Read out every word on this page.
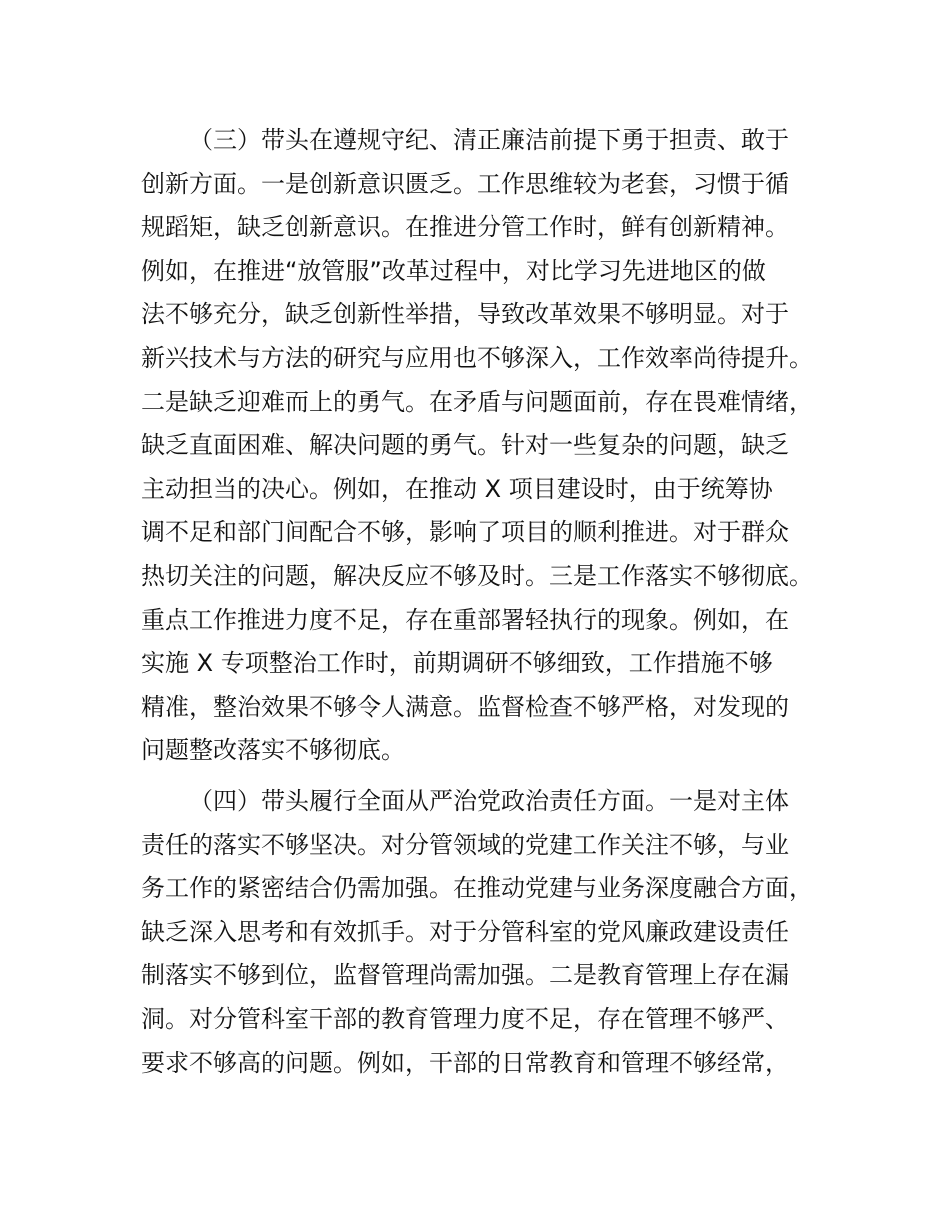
（三）带头在遵规守纪、清正廉洁前提下勇于担责、敢于
创新方面。一是创新意识匮乏。工作思维较为老套，习惯于循
规蹈矩，缺乏创新意识。在推进分管工作时，鲜有创新精神。
例如，在推进“放管服”改革过程中，对比学习先进地区的做
法不够充分，缺乏创新性举措，导致改革效果不够明显。对于
新兴技术与方法的研究与应用也不够深入，工作效率尚待提升。
二是缺乏迎难而上的勇气。在矛盾与问题面前，存在畏难情绪，
缺乏直面困难、解决问题的勇气。针对一些复杂的问题，缺乏
主动担当的决心。例如，在推动 X 项目建设时，由于统筹协
调不足和部门间配合不够，影响了项目的顺利推进。对于群众
热切关注的问题，解决反应不够及时。三是工作落实不够彻底。
重点工作推进力度不足，存在重部署轻执行的现象。例如，在
实施 X 专项整治工作时，前期调研不够细致，工作措施不够
精准，整治效果不够令人满意。监督检查不够严格，对发现的
问题整改落实不够彻底。
（四）带头履行全面从严治党政治责任方面。一是对主体
责任的落实不够坚决。对分管领域的党建工作关注不够，与业
务工作的紧密结合仍需加强。在推动党建与业务深度融合方面，
缺乏深入思考和有效抓手。对于分管科室的党风廉政建设责任
制落实不够到位，监督管理尚需加强。二是教育管理上存在漏
洞。对分管科室干部的教育管理力度不足，存在管理不够严、
要求不够高的问题。例如，干部的日常教育和管理不够经常，
